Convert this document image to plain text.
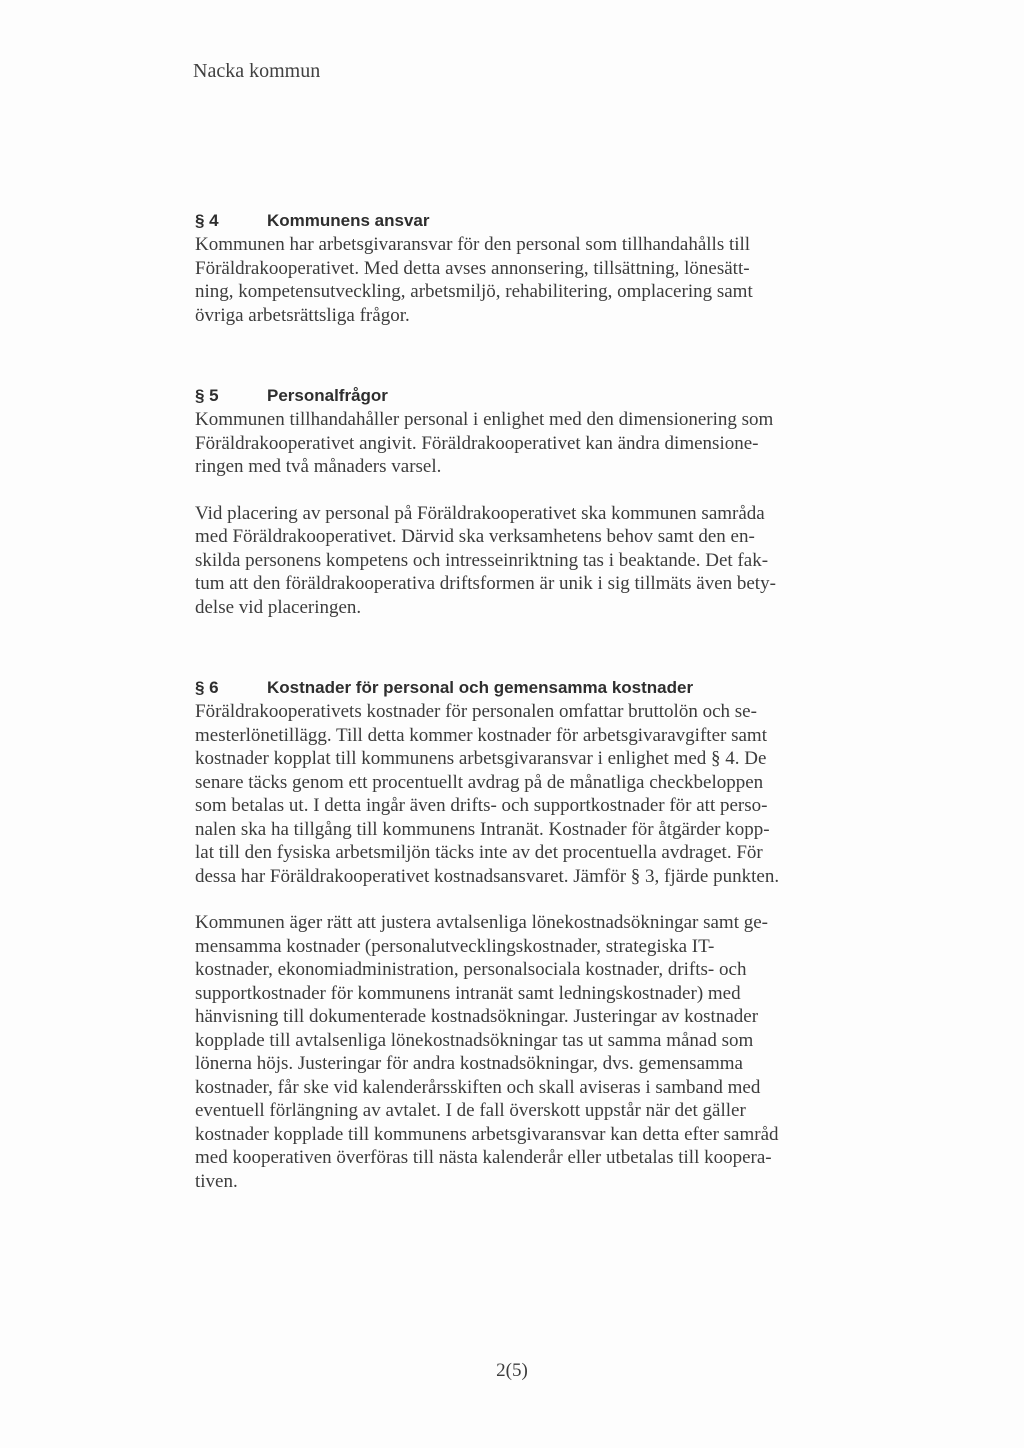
Nacka kommun
§ 4	Kommunens ansvar

Kommunen har arbetsgivaransvar för den personal som tillhandahålls till
Föräldrakooperativet. Med detta avses annonsering, tillsättning, lönesätt-
ning, kompetensutveckling, arbetsmiljö, rehabilitering, omplacering samt
övriga arbetsrättsliga frågor.

§ 5	Personalfrågor

Kommunen tillhandahåller personal i enlighet med den dimensionering som
Föräldrakooperativet angivit. Föräldrakooperativet kan ändra dimensione-
ringen med två månaders varsel.

Vid placering av personal på Föräldrakooperativet ska kommunen samråda
med Föräldrakooperativet. Därvid ska verksamhetens behov samt den en-
skilda personens kompetens och intresseinriktning tas i beaktande. Det fak-
tum att den föräldrakooperativa driftsformen är unik i sig tillmäts även bety-
delse vid placeringen.

§ 6	Kostnader för personal och gemensamma kostnader

Föräldrakooperativets kostnader för personalen omfattar bruttolön och se-
mesterlönetillägg. Till detta kommer kostnader för arbetsgivaravgifter samt
kostnader kopplat till kommunens arbetsgivaransvar i enlighet med § 4. De
senare täcks genom ett procentuellt avdrag på de månatliga checkbeloppen
som betalas ut. I detta ingår även drifts- och supportkostnader för att perso-
nalen ska ha tillgång till kommunens Intranät. Kostnader för åtgärder kopp-
lat till den fysiska arbetsmiljön täcks inte av det procentuella avdraget. För
dessa har Föräldrakooperativet kostnadsansvaret. Jämför § 3, fjärde punkten.

Kommunen äger rätt att justera avtalsenliga lönekostnadsökningar samt ge-
mensamma kostnader (personalutvecklingskostnader, strategiska IT-
kostnader, ekonomiadministration, personalsociala kostnader, drifts- och
supportkostnader för kommunens intranät samt ledningskostnader) med
hänvisning till dokumenterade kostnadsökningar. Justeringar av kostnader
kopplade till avtalsenliga lönekostnadsökningar tas ut samma månad som
lönerna höjs. Justeringar för andra kostnadsökningar, dvs. gemensamma
kostnader, får ske vid kalenderårsskiften och skall aviseras i samband med
eventuell förlängning av avtalet. I de fall överskott uppstår när det gäller
kostnader kopplade till kommunens arbetsgivaransvar kan detta efter samråd
med kooperativen överföras till nästa kalenderår eller utbetalas till koopera-
tiven.

2(5)
